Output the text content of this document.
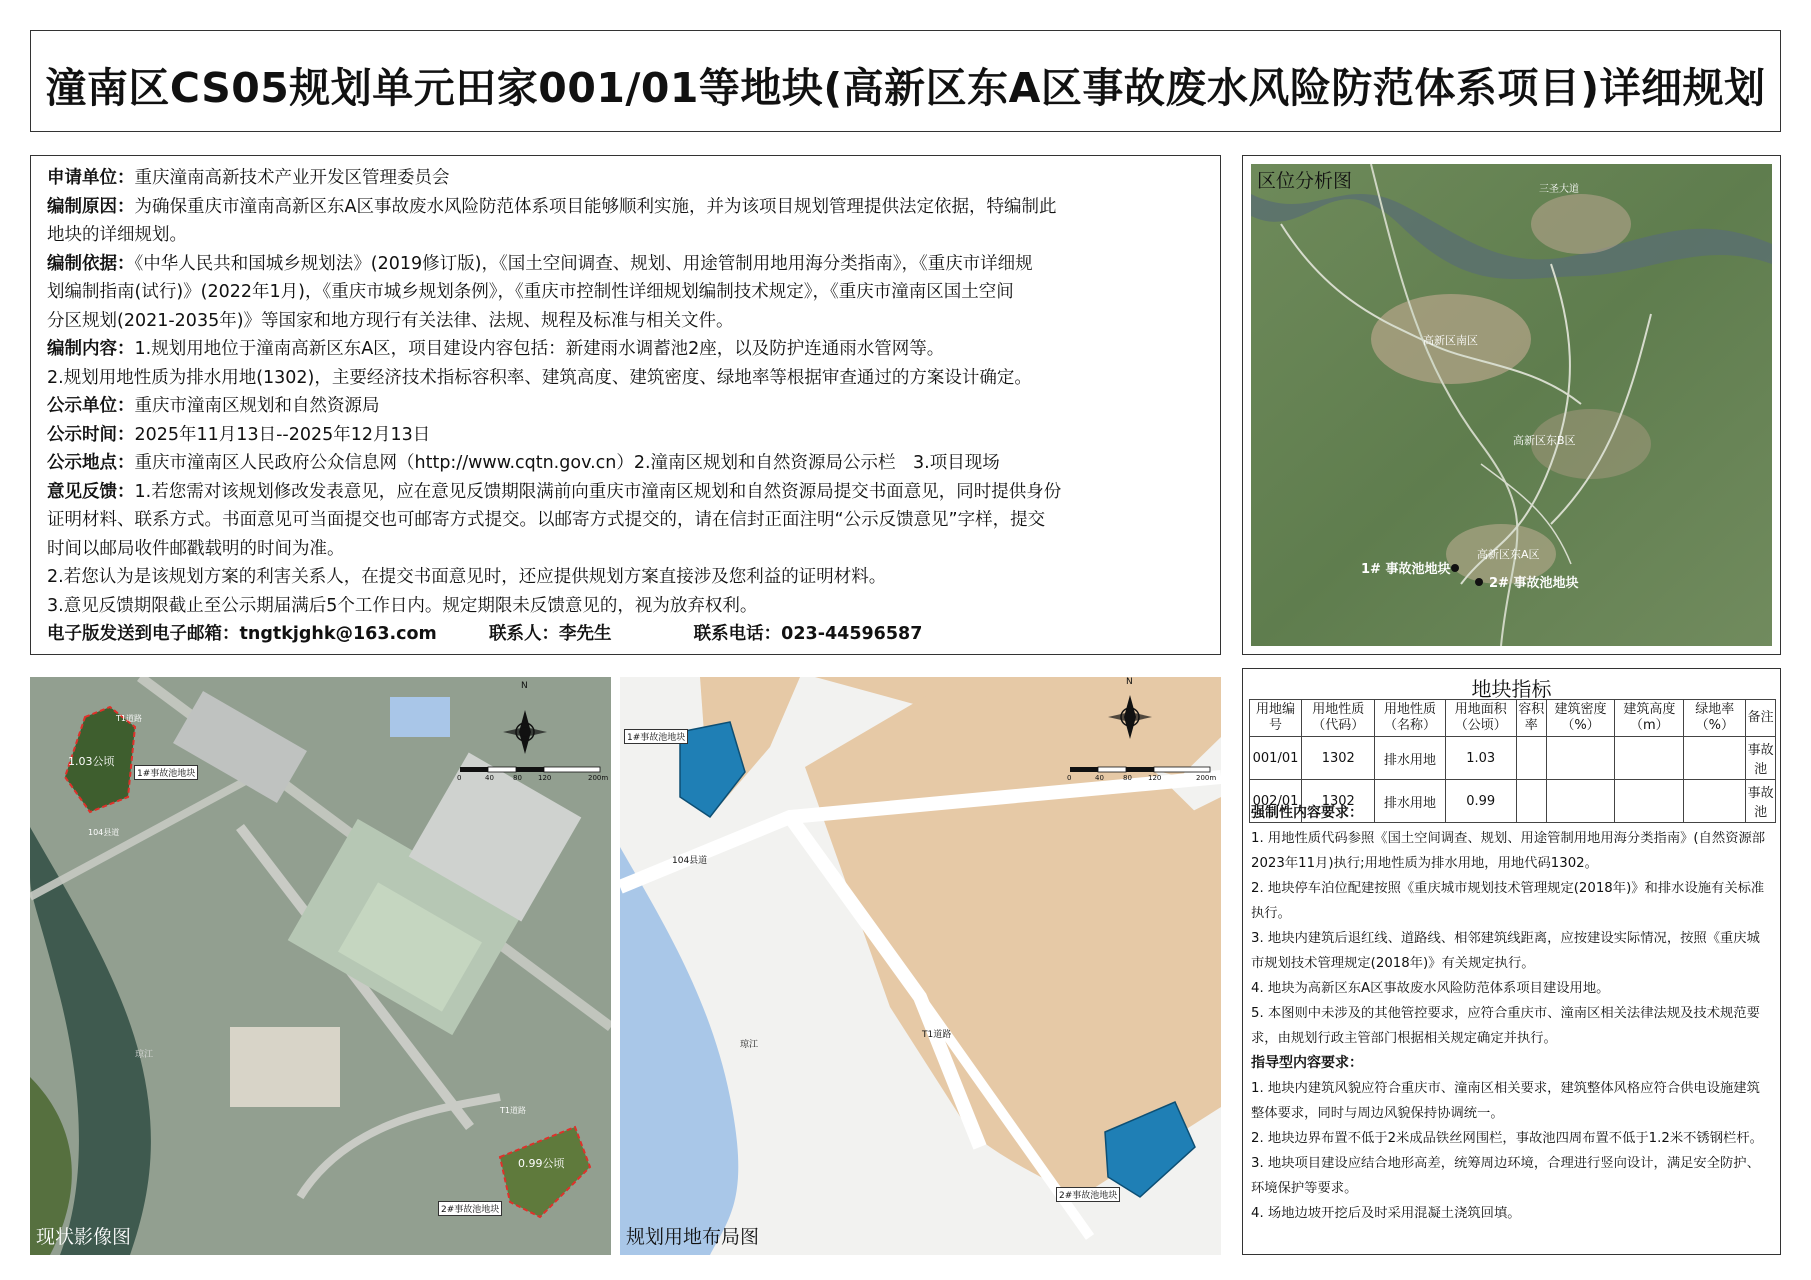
潼南区CS05规划单元田家001/01等地块(高新区东A区事故废水风险防范体系项目)详细规划
申请单位：重庆潼南高新技术产业开发区管理委员会
编制原因：为确保重庆市潼南高新区东A区事故废水风险防范体系项目能够顺利实施，并为该项目规划管理提供法定依据，特编制此
地块的详细规划。
编制依据：《中华人民共和国城乡规划法》(2019修订版)，《国土空间调查、规划、用途管制用地用海分类指南》，《重庆市详细规
划编制指南(试行)》(2022年1月)，《重庆市城乡规划条例》，《重庆市控制性详细规划编制技术规定》，《重庆市潼南区国土空间
分区规划(2021-2035年)》等国家和地方现行有关法律、法规、规程及标准与相关文件。
编制内容：1.规划用地位于潼南高新区东A区，项目建设内容包括：新建雨水调蓄池2座，以及防护连通雨水管网等。
2.规划用地性质为排水用地(1302)，主要经济技术指标容积率、建筑高度、建筑密度、绿地率等根据审查通过的方案设计确定。
公示单位：重庆市潼南区规划和自然资源局
公示时间：2025年11月13日--2025年12月13日
公示地点：重庆市潼南区人民政府公众信息网（http://www.cqtn.gov.cn）2.潼南区规划和自然资源局公示栏　3.项目现场
意见反馈：1.若您需对该规划修改发表意见，应在意见反馈期限满前向重庆市潼南区规划和自然资源局提交书面意见，同时提供身份
证明材料、联系方式。书面意见可当面提交也可邮寄方式提交。以邮寄方式提交的，请在信封正面注明“公示反馈意见”字样，提交
时间以邮局收件邮戳载明的时间为准。
2.若您认为是该规划方案的利害关系人，在提交书面意见时，还应提供规划方案直接涉及您利益的证明材料。
3.意见反馈期限截止至公示期届满后5个工作日内。规定期限未反馈意见的，视为放弃权利。
电子版发送到电子邮箱：tngtkjghk@163.com	联系人：李先生	联系电话：023-44596587
区位分析图	三圣大道
高新区南区
高新区东B区
高新区东A区
1# 事故池地块
2# 事故池地块
地块指标
用地编号	用地性质（代码）	用地性质（名称）	用地面积（公顷）	容积率	建筑密度（%）	建筑高度（m）	绿地率（%）	备注
001/01	1302	排水用地	1.03					事故池
002/01	1302	排水用地	0.99					事故池
强制性内容要求：
1. 用地性质代码参照《国土空间调查、规划、用途管制用地用海分类指南》(自然资源部2023年11月)执行;用地性质为排水用地，用地代码1302。
2. 地块停车泊位配建按照《重庆城市规划技术管理规定(2018年)》和排水设施有关标准执行。
3. 地块内建筑后退红线、道路线、相邻建筑线距离，应按建设实际情况，按照《重庆城市规划技术管理规定(2018年)》有关规定执行。
4. 地块为高新区东A区事故废水风险防范体系项目建设用地。
5. 本图则中未涉及的其他管控要求，应符合重庆市、潼南区相关法律法规及技术规范要求，由规划行政主管部门根据相关规定确定并执行。
指导型内容要求：
1. 地块内建筑风貌应符合重庆市、潼南区相关要求，建筑整体风格应符合供电设施建筑整体要求，同时与周边风貌保持协调统一。
2. 地块边界布置不低于2米成品铁丝网围栏，事故池四周布置不低于1.2米不锈钢栏杆。
3. 地块项目建设应结合地形高差，统筹周边环境，合理进行竖向设计，满足安全防护、环境保护等要求。
4. 场地边坡开挖后及时采用混凝土浇筑回填。
1.03公顷
0.99公顷
1#事故池地块
2#事故池地块
T1道路
T1道路
104县道
琼江
N
0	40	80 120	200m
现状影像图
1#事故池地块
2#事故池地块
T1道路
104县道
琼江
N
0	40	80 120	200m
规划用地布局图
